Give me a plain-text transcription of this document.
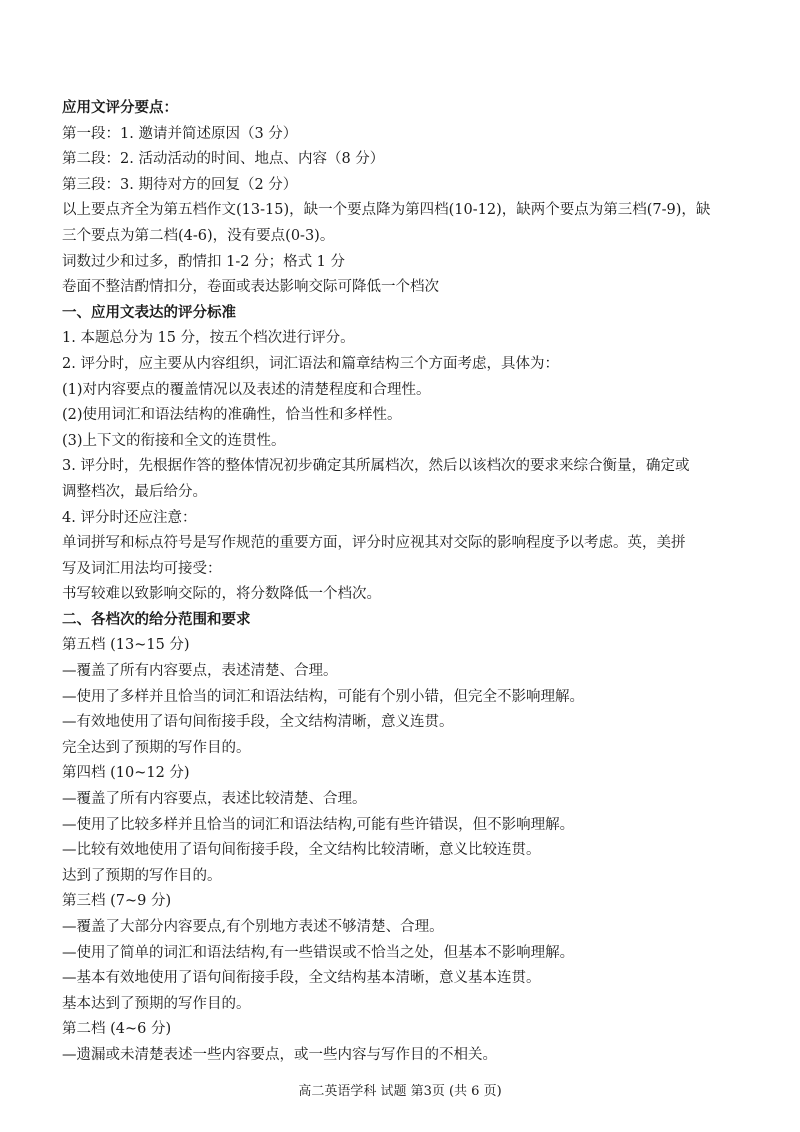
应用文评分要点：
第一段：1. 邀请并简述原因（3 分）
第二段：2. 活动活动的时间、地点、内容（8 分）
第三段：3. 期待对方的回复（2 分）
以上要点齐全为第五档作文(13-15)，缺一个要点降为第四档(10-12)，缺两个要点为第三档(7-9)，缺
三个要点为第二档(4-6)，没有要点(0-3)。
词数过少和过多，酌情扣 1-2 分；格式 1 分
卷面不整洁酌情扣分，卷面或表达影响交际可降低一个档次
一、应用文表达的评分标准
1. 本题总分为 15 分，按五个档次进行评分。
2. 评分时，应主要从内容组织，词汇语法和篇章结构三个方面考虑，具体为：
(1)对内容要点的覆盖情况以及表述的清楚程度和合理性。
(2)使用词汇和语法结构的准确性，恰当性和多样性。
(3)上下文的衔接和全文的连贯性。
3. 评分时，先根据作答的整体情况初步确定其所属档次，然后以该档次的要求来综合衡量，确定或
调整档次，最后给分。
4. 评分时还应注意：
单词拼写和标点符号是写作规范的重要方面，评分时应视其对交际的影响程度予以考虑。英，美拼
写及词汇用法均可接受：
书写较难以致影响交际的，将分数降低一个档次。
二、各档次的给分范围和要求
第五档 (13~15 分)
—覆盖了所有内容要点，表述清楚、合理。
—使用了多样并且恰当的词汇和语法结构，可能有个别小错，但完全不影响理解。
—有效地使用了语句间衔接手段，全文结构清晰，意义连贯。
完全达到了预期的写作目的。
第四档 (10~12 分)
—覆盖了所有内容要点，表述比较清楚、合理。
—使用了比较多样并且恰当的词汇和语法结构,可能有些许错误，但不影响理解。
—比较有效地使用了语句间衔接手段，全文结构比较清晰，意义比较连贯。
达到了预期的写作目的。
第三档 (7~9 分)
—覆盖了大部分内容要点,有个别地方表述不够清楚、合理。
—使用了简单的词汇和语法结构,有一些错误或不恰当之处，但基本不影响理解。
—基本有效地使用了语句间衔接手段，全文结构基本清晰，意义基本连贯。
基本达到了预期的写作目的。
第二档 (4~6 分)
—遗漏或未清楚表述一些内容要点，或一些内容与写作目的不相关。
高二英语学科 试题 第3页 (共 6 页)
